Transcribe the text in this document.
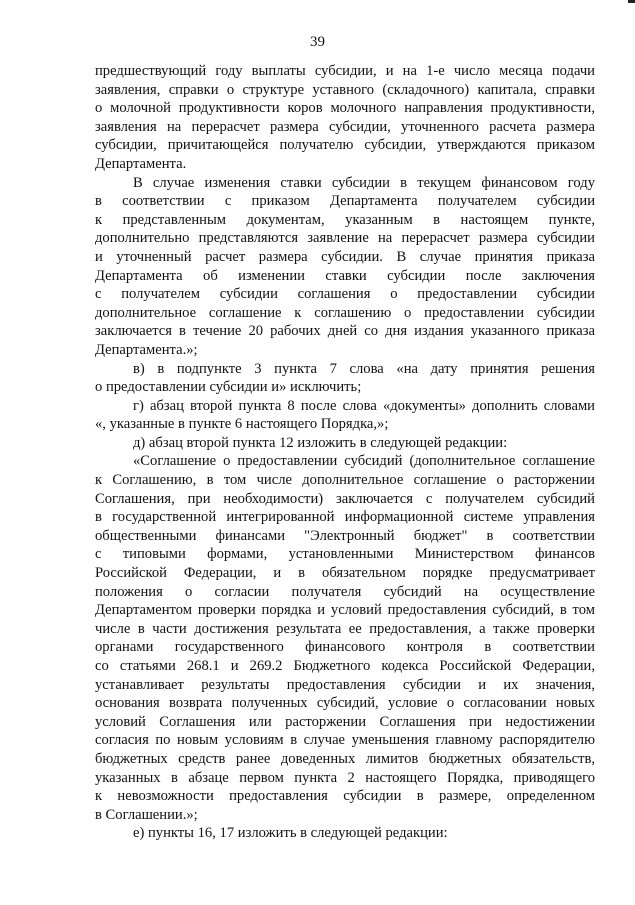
39

предшествующий году выплаты субсидии, и на 1-е число месяца подачи

заявления, справки о структуре уставного (складочного) капитала, справки

о молочной продуктивности коров молочного направления продуктивности,

заявления на перерасчет размера субсидии, уточненного расчета размера

субсидии, причитающейся получателю субсидии, утверждаются приказом

Департамента.

В случае изменения ставки субсидии в текущем финансовом году

в соответствии с приказом Департамента получателем субсидии

к представленным документам, указанным в настоящем пункте,

дополнительно представляются заявление на перерасчет размера субсидии

и уточненный расчет размера субсидии. В случае принятия приказа

Департамента об изменении ставки субсидии после заключения

с получателем субсидии соглашения о предоставлении субсидии

дополнительное соглашение к соглашению о предоставлении субсидии

заключается в течение 20 рабочих дней со дня издания указанного приказа

Департамента.»;

в) в подпункте 3 пункта 7 слова «на дату принятия решения

о предоставлении субсидии и» исключить;

г) абзац второй пункта 8 после слова «документы» дополнить словами

«, указанные в пункте 6 настоящего Порядка,»;

д) абзац второй пункта 12 изложить в следующей редакции:

«Соглашение о предоставлении субсидий (дополнительное соглашение

к Соглашению, в том числе дополнительное соглашение о расторжении

Соглашения, при необходимости) заключается с получателем субсидий

в государственной интегрированной информационной системе управления

общественными финансами "Электронный бюджет" в соответствии

с типовыми формами, установленными Министерством финансов

Российской Федерации, и в обязательном порядке предусматривает

положения о согласии получателя субсидий на осуществление

Департаментом проверки порядка и условий предоставления субсидий, в том

числе в части достижения результата ее предоставления, а также проверки

органами государственного финансового контроля в соответствии

со статьями 268.1 и 269.2 Бюджетного кодекса Российской Федерации,

устанавливает результаты предоставления субсидии и их значения,

основания возврата полученных субсидий, условие о согласовании новых

условий Соглашения или расторжении Соглашения при недостижении

согласия по новым условиям в случае уменьшения главному распорядителю

бюджетных средств ранее доведенных лимитов бюджетных обязательств,

указанных в абзаце первом пункта 2 настоящего Порядка, приводящего

к невозможности предоставления субсидии в размере, определенном

в Соглашении.»;

е) пункты 16, 17 изложить в следующей редакции:
